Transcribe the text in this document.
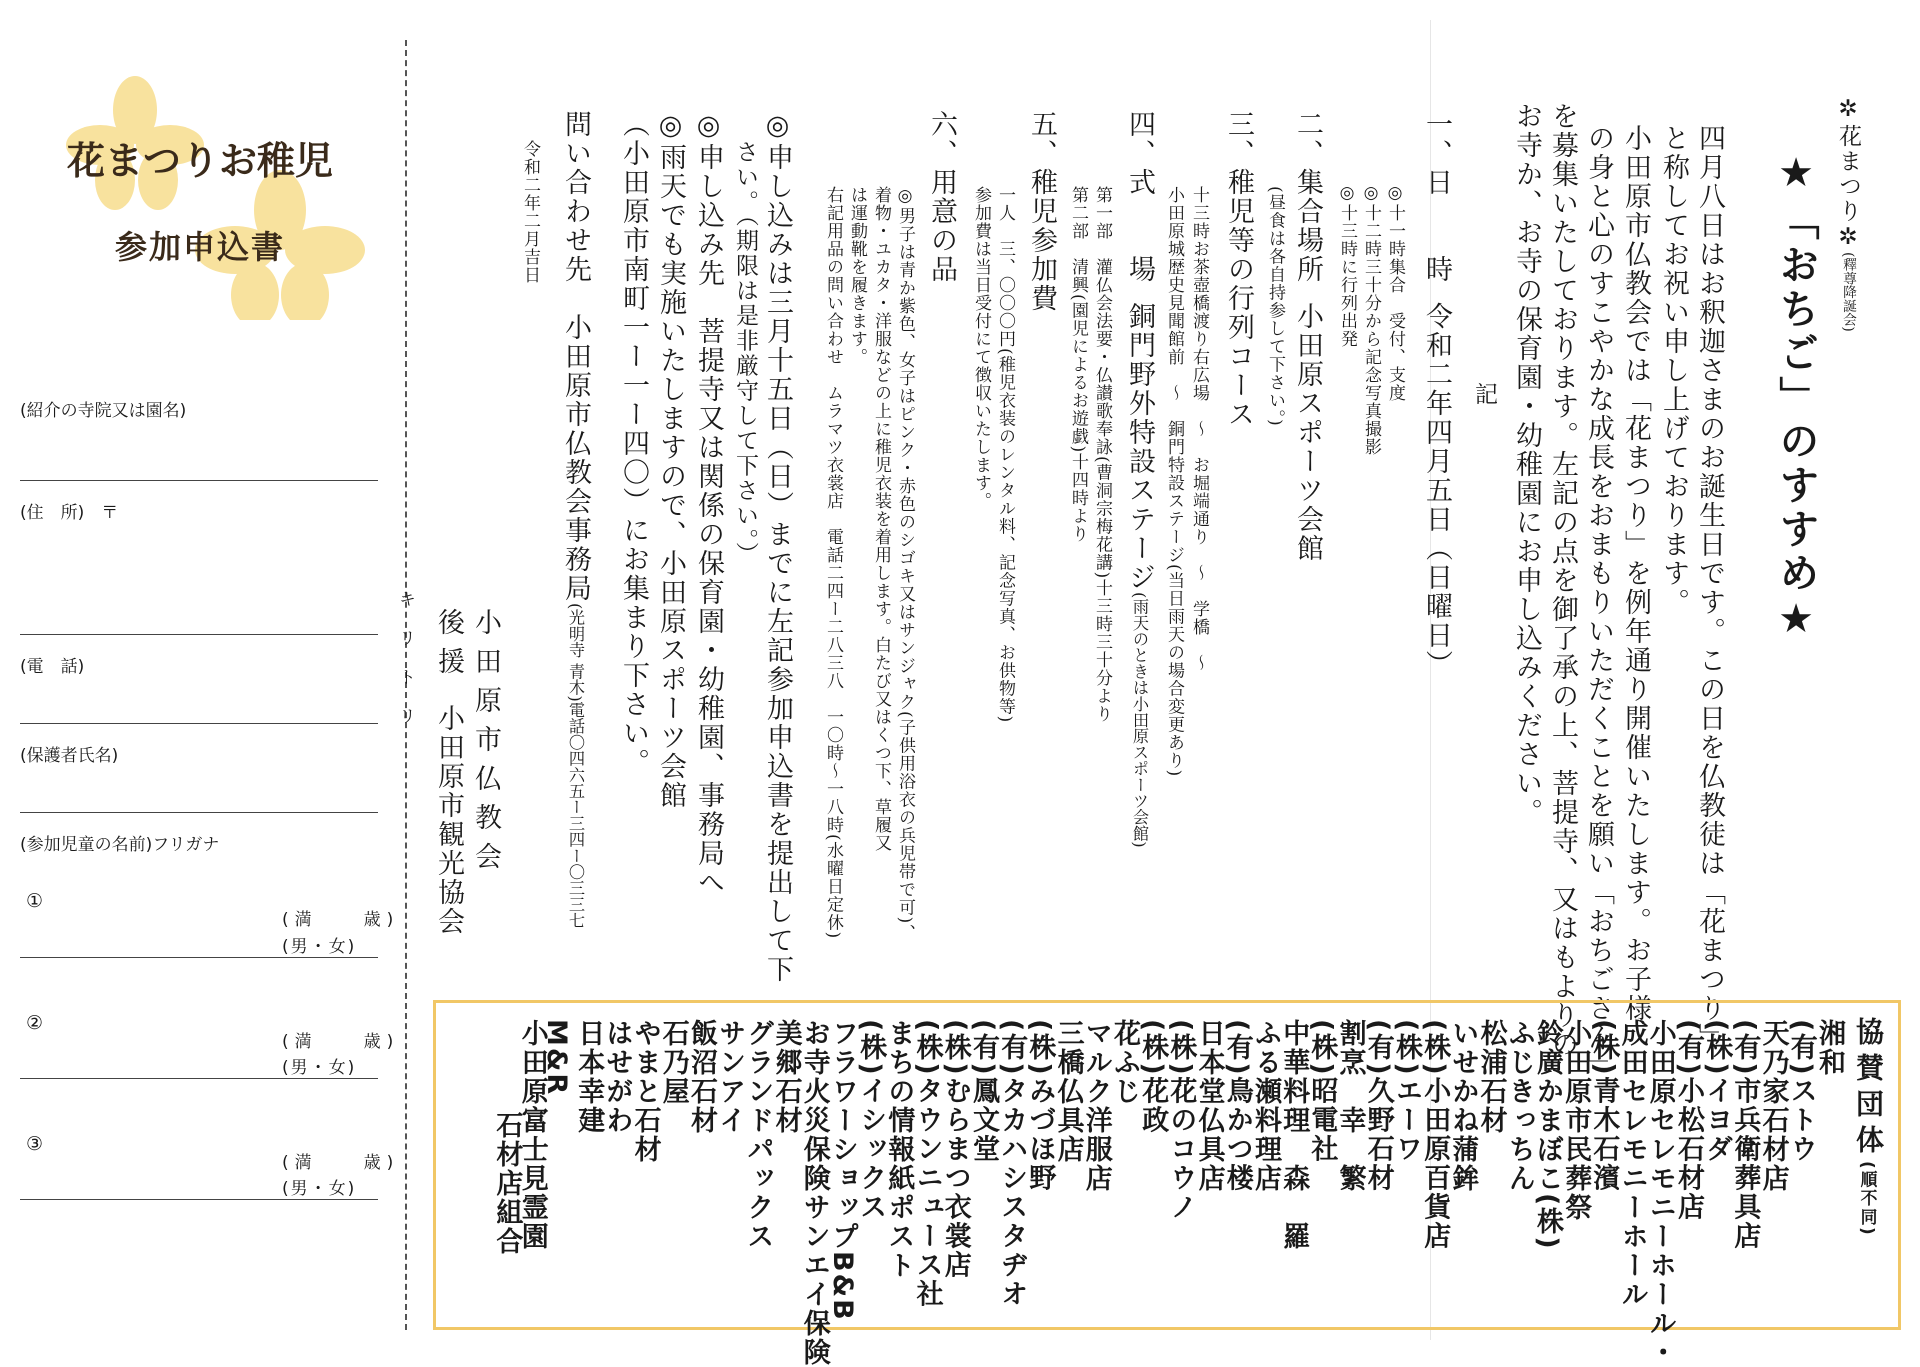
花まつりお稚児
参加申込書
(紹介の寺院又は園名)
(住　所)　〒
(電　話)
(保護者氏名)
(参加児童の名前)フリガナ
①
(満　　歳)
(男・女)
②
(満　　歳)
(男・女)
③
(満　　歳)
(男・女)
キリトリ
✲花まつり✲(釋尊降誕会)
★「おちご」のすすめ★
四月八日はお釈迦さまのお誕生日です。この日を仏教徒は「花まつり」
と称してお祝い申し上げております。
小田原市仏教会では「花まつり」を例年通り開催いたします。お子様
の身と心のすこやかな成長をおまもりいただくことを願い「おちごさん」
を募集いたしております。左記の点を御了承の上、菩提寺、又はもよりの
お寺か、お寺の保育園・幼稚園にお申し込みください。
記
一、日　　時令和二年四月五日（日曜日）
◎十一時集合　受付、支度
◎十二時三十分から記念写真撮影
◎十三時に行列出発
二、集合場所小田原スポーツ会館
(昼食は各自持参して下さい。)
三、稚児等の行列コース
十三時お茶壺橋渡り右広場　～　お堀端通り　～　学橋　～
小田原城歴史見聞館前　～　銅門特設ステージ(当日雨天の場合変更あり)
四、式　　場銅門野外特設ステージ(雨天のときは小田原スポーツ会館)
第一部　灌仏会法要・仏讃歌奉詠(曹洞宗梅花講)十三時三十分より
第二部　清興(園児によるお遊戯)十四時より
五、稚児参加費
一人　三、〇〇〇円(稚児衣装のレンタル料、記念写真、お供物等)
参加費は当日受付にて徴収いたします。
六、用意の品
◎男子は青か紫色、女子はピンク・赤色のシゴキ又はサンジャク(子供用浴衣の兵児帯で可)、
着物・ユカタ・洋服などの上に稚児衣装を着用します。白たび又はくつ下、草履又
は運動靴を履きます。
右記用品の問い合わせ　ムラマツ衣裳店　電話二四ー二八三八　一〇時～一八時(水曜日定休)
◎申し込みは三月十五日（日）までに左記参加申込書を提出して下
さい。（期限は是非厳守して下さい。）
◎申し込み先　菩提寺又は関係の保育園・幼稚園、事務局へ
◎雨天でも実施いたしますので、小田原スポーツ会館
（小田原市南町一ー一ー四〇）にお集まり下さい。
問い合わせ先　小田原市仏教会事務局(光明寺 青木)電話〇四六五ー三四ー〇三三七
令和二年二月吉日
小田原市仏教会
後援小田原市観光協会
協賛団体(順不同)
湘和
(有)ストウ
天乃家石材店
(有)市兵衛葬具店
(株)イヨダ
(有)小松石材店
小田原セレモニーホール・
成田セレモニーホール
(株)青木石濱
小田原市民葬祭
鈴廣かまぼこ(株)
ふじきっちん
松浦石材
いせかね蒲鉾
(株)小田原百貨店
(株)エーワ
(有)久野石材
割烹　幸　繁
(株)昭電社
中華料理　森　羅
ふる瀬料理店
(有)鳥かつ楼
日本堂仏具店
(株)花のコウノ
(株)花政
花ふじ
マルク洋服店
三橋仏具店
(株)みづほ野
(有)タカハシスタヂオ
(有)鳳文堂
(株)むらまつ衣裳店
(株)タウンニュース社
まちの情報紙ポスト
(株)イシックス
フラワーショップB&B
お寺火災保険サンエイ保険
美郷石材
グランドパックス
サンアイ
飯沼石材
石乃屋
やまと石材
はせがわ
日本幸建
M&R
小田原富士見霊園
石材店組合
